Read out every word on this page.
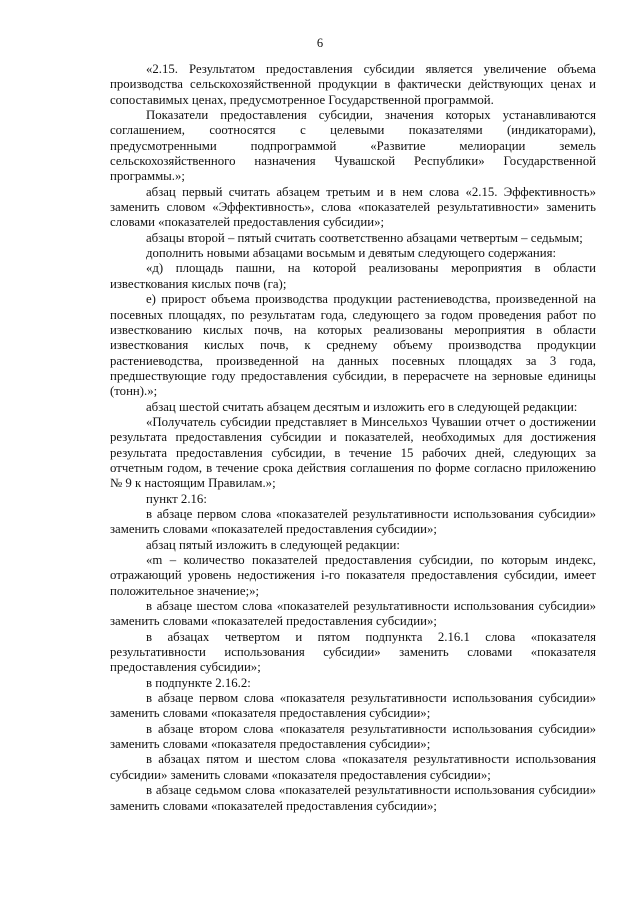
6

«2.15. Результатом предоставления субсидии является увеличение объема производства сельскохозяйственной продукции в фактически действующих ценах и сопоставимых ценах, предусмотренное Государственной программой.

Показатели предоставления субсидии, значения которых устанавливаются соглашением, соотносятся с целевыми показателями (индикаторами), предусмотренными подпрограммой «Развитие мелиорации земель сельскохозяйственного назначения Чувашской Республики» Государственной программы.»;

абзац первый считать абзацем третьим и в нем слова «2.15. Эффективность» заменить словом «Эффективность», слова «показателей результативности» заменить словами «показателей предоставления субсидии»;

абзацы второй – пятый считать соответственно абзацами четвертым – седьмым;

дополнить новыми абзацами восьмым и девятым следующего содержания:

«д) площадь пашни, на которой реализованы мероприятия в области известкования кислых почв (га);

е) прирост объема производства продукции растениеводства, произведенной на посевных площадях, по результатам года, следующего за годом проведения работ по известкованию кислых почв, на которых реализованы мероприятия в области известкования кислых почв, к среднему объему производства продукции растениеводства, произведенной на данных посевных площадях за 3 года, предшествующие году предоставления субсидии, в перерасчете на зерновые единицы (тонн).»;

абзац шестой считать абзацем десятым и изложить его в следующей редакции:

«Получатель субсидии представляет в Минсельхоз Чувашии отчет о достижении результата предоставления субсидии и показателей, необходимых для достижения результата предоставления субсидии, в течение 15 рабочих дней, следующих за отчетным годом, в течение срока действия соглашения по форме согласно приложению № 9 к настоящим Правилам.»;

пункт 2.16:

в абзаце первом слова «показателей результативности использования субсидии» заменить словами «показателей предоставления субсидии»;

абзац пятый изложить в следующей редакции:

«m – количество показателей предоставления субсидии, по которым индекс, отражающий уровень недостижения i-го показателя предоставления субсидии, имеет положительное значение;»;

в абзаце шестом слова «показателей результативности использования субсидии» заменить словами «показателей предоставления субсидии»;

в абзацах четвертом и пятом подпункта 2.16.1 слова «показателя результативности использования субсидии» заменить словами «показателя предоставления субсидии»;

в подпункте 2.16.2:

в абзаце первом слова «показателя результативности использования субсидии» заменить словами «показателя предоставления субсидии»;

в абзаце втором слова «показателя результативности использования субсидии» заменить словами «показателя предоставления субсидии»;

в абзацах пятом и шестом слова «показателя результативности использования субсидии» заменить словами «показателя предоставления субсидии»;

в абзаце седьмом слова «показателей результативности использования субсидии» заменить словами «показателей предоставления субсидии»;
